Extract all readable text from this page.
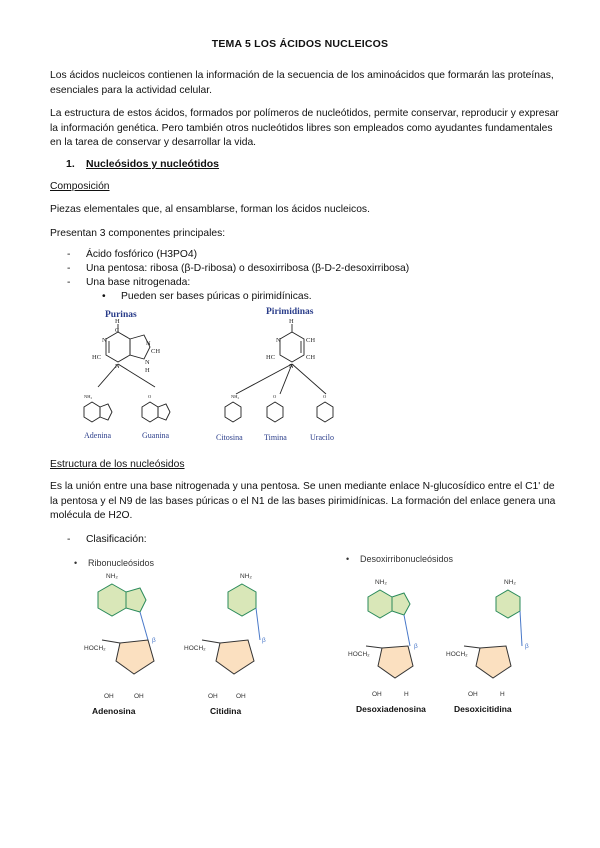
TEMA 5 LOS ÁCIDOS NUCLEICOS
Los ácidos nucleicos contienen la información de la secuencia de los aminoácidos que formarán las proteínas, esenciales para la actividad celular.
La estructura de estos ácidos, formados por polímeros de nucleótidos, permite conservar, reproducir y expresar la información genética. Pero también otros nucleótidos libres son empleados como ayudantes fundamentales en la tarea de conservar y desarrollar la vida.
1. Nucleósidos y nucleótidos
Composición
Piezas elementales que, al ensamblarse, forman los ácidos nucleicos.
Presentan 3 componentes principales:
- Ácido fosfórico (H3PO4)
- Una pentosa: ribosa (β-D-ribosa) o desoxirribosa (β-D-2-desoxirribosa)
- Una base nitrogenada:
• Pueden ser bases púricas o pirimidínicas.
H
C
N
HC
N
N
CH
N
H
H
N
HC
N
CH
CH
NH₂	O	NH₂	O	O
Purinas	Pirimidinas
Adenina	Guanina	Citosina	Timina	Uracilo
Estructura de los nucleósidos
Es la unión entre una base nitrogenada y una pentosa. Se unen mediante enlace N-glucosídico entre el C1' de la pentosa y el N9 de las bases púricas o el N1 de las bases pirimidínicas. La formación del enlace genera una molécula de H2O.
- Clasificación:
•	•
Ribonucleósidos	Desoxirribonucleósidos
NH₂	NH₂
NH₂	NH₂
HOCH₂	HOCH₂
HOCH₂	HOCH₂
OH	OH	OH	OH	OH	H	OH	H
β	β
β	β
Adenosina	Citidina	Desoxiadenosina	Desoxicitidina
